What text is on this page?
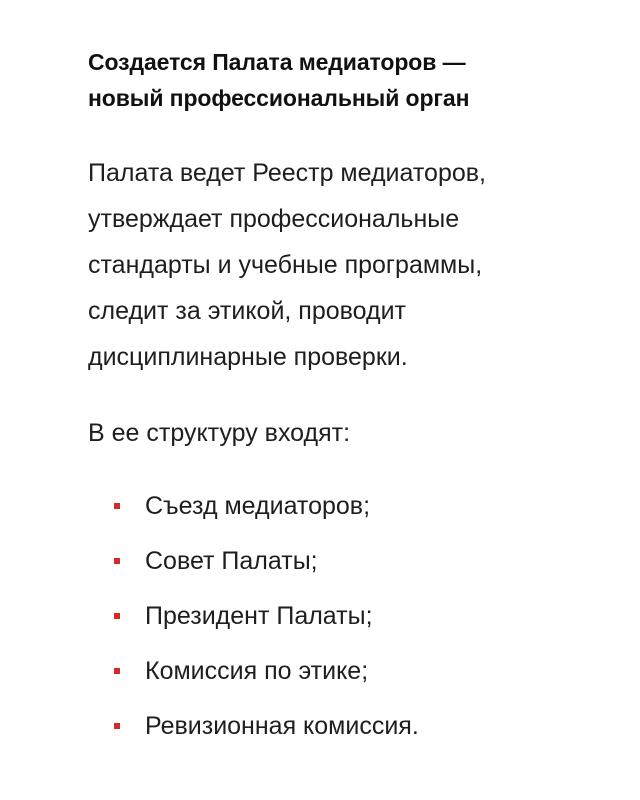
Создается Палата медиаторов —
новый профессиональный орган

Палата ведет Реестр медиаторов,
утверждает профессиональные
стандарты и учебные программы,
следит за этикой, проводит
дисциплинарные проверки.

В ее структуру входят:

Съезд медиаторов;
Совет Палаты;
Президент Палаты;
Комиссия по этике;
Ревизионная комиссия.
